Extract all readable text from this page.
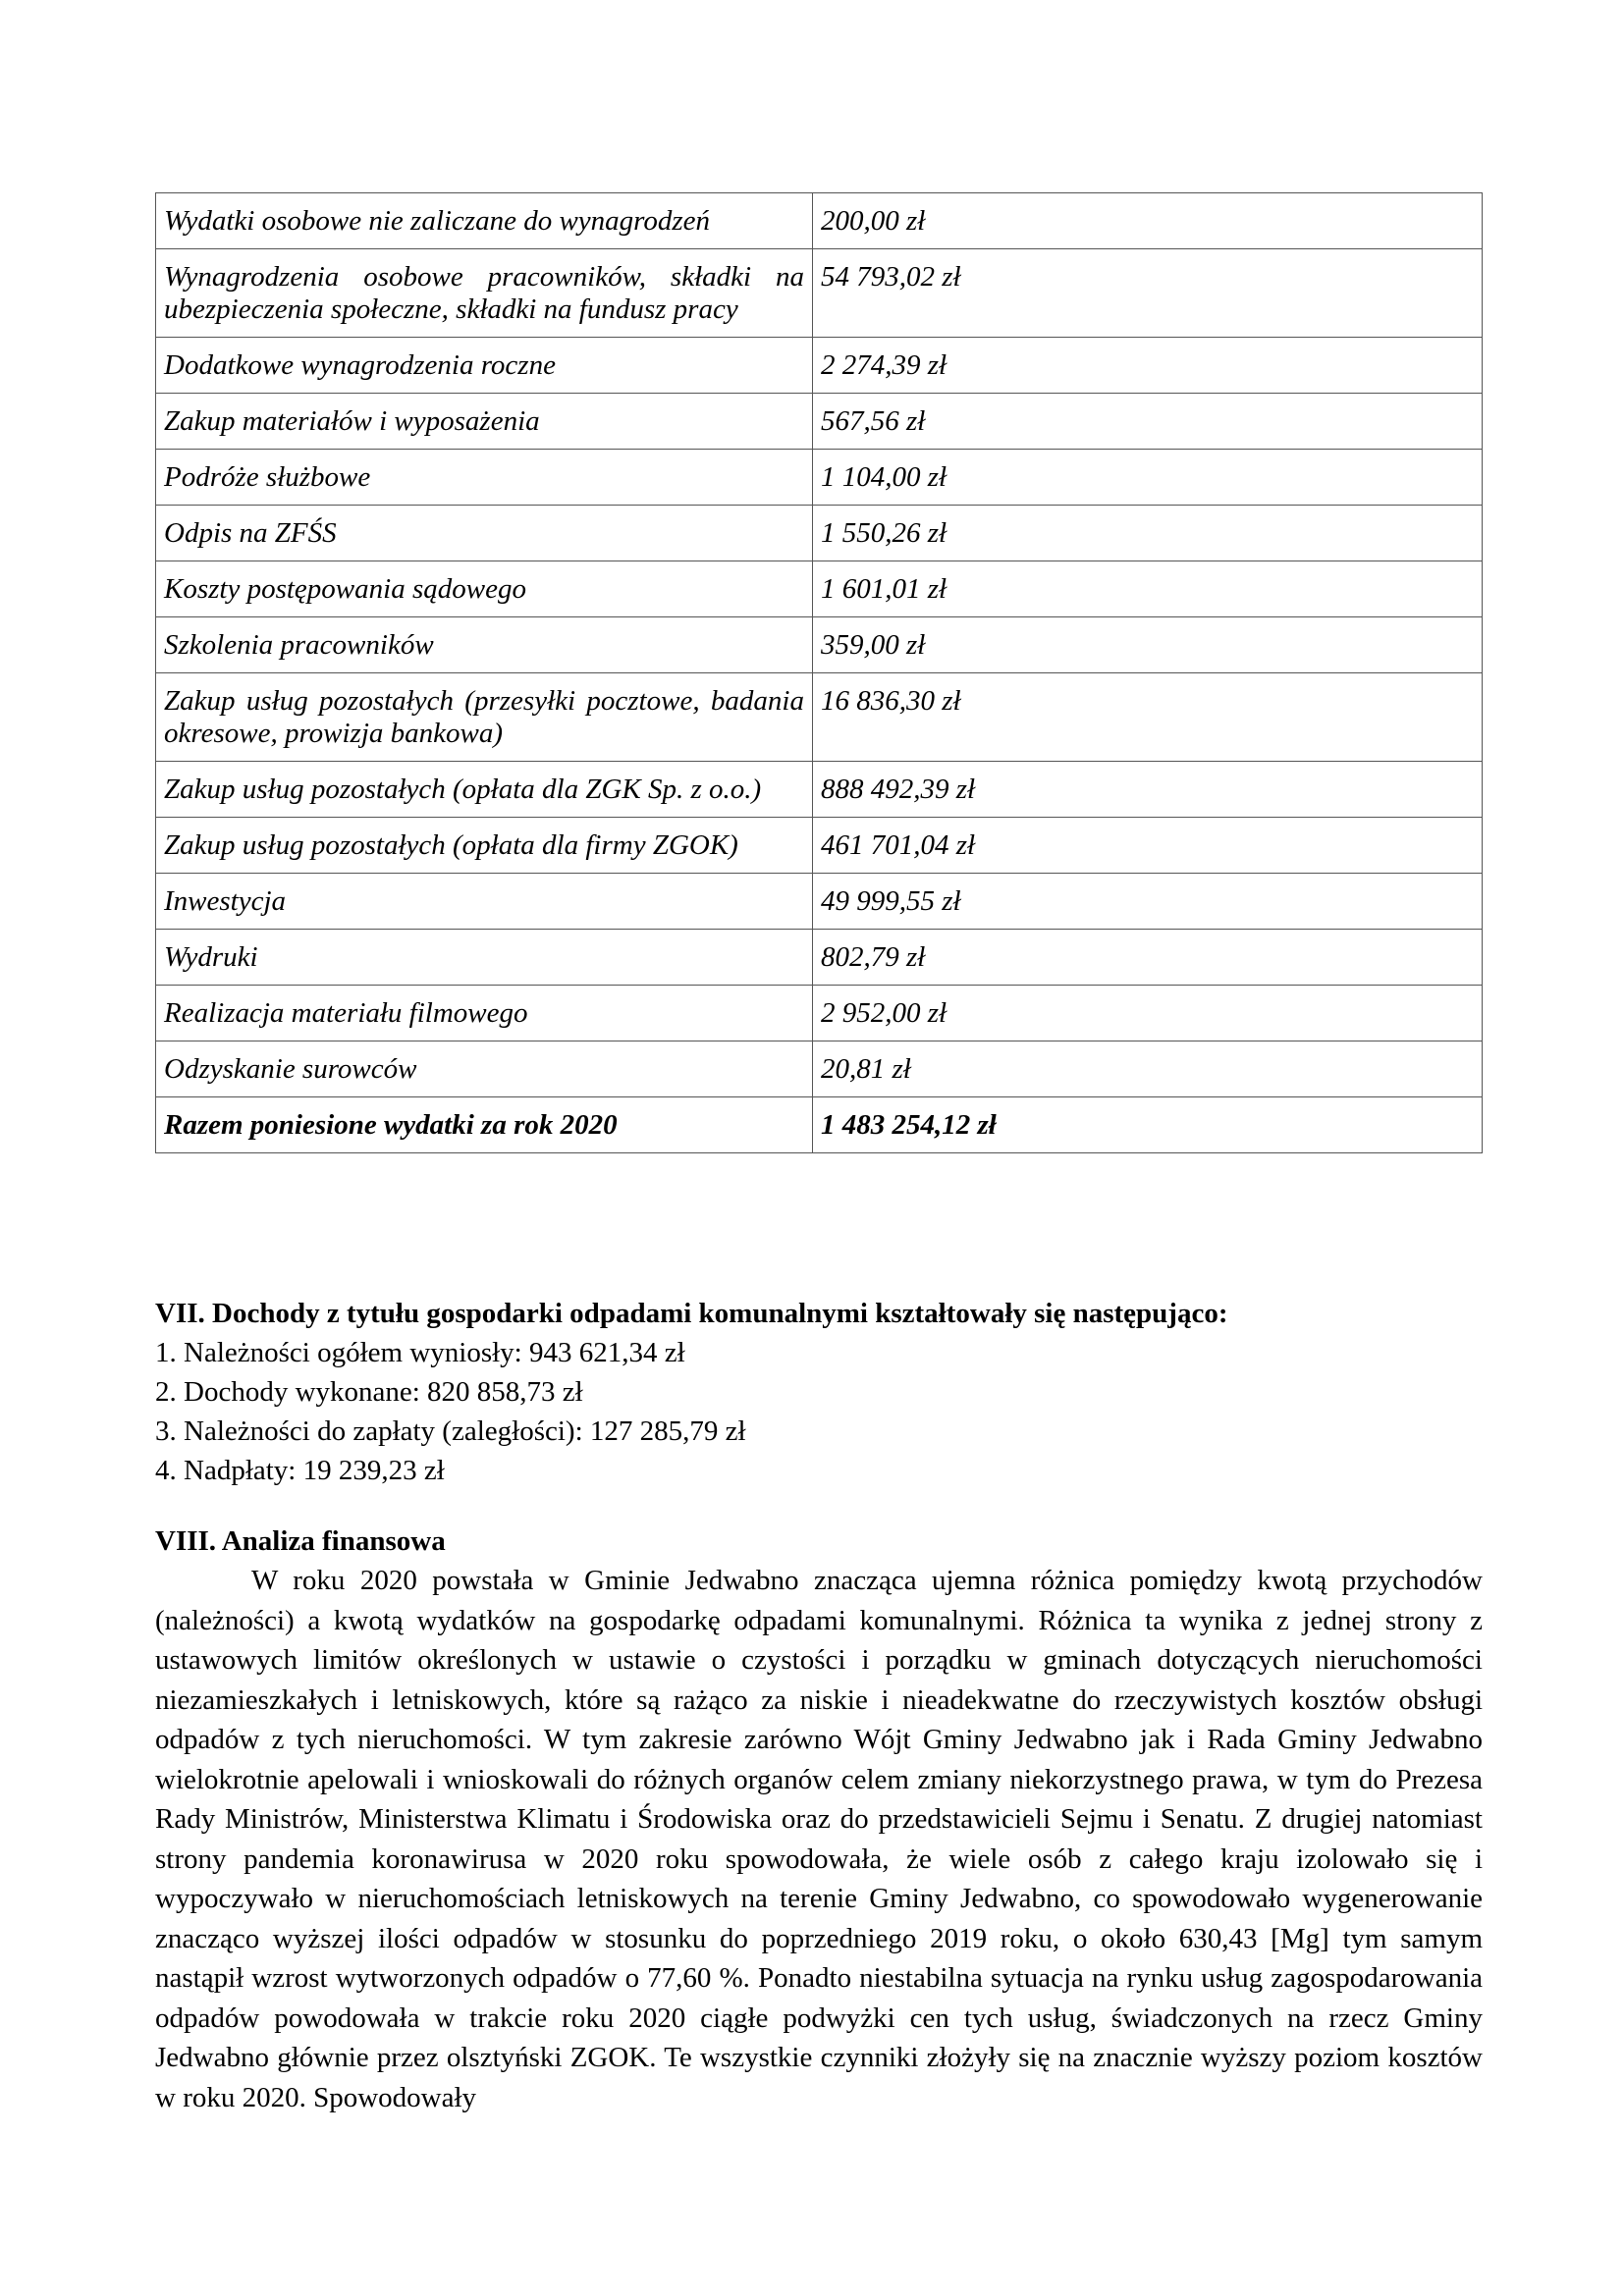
Wydatki osobowe nie zaliczane do wynagrodzeń	200,00 zł
Wynagrodzenia osobowe pracowników, składki na ubezpieczenia społeczne, składki na fundusz pracy	54 793,02 zł
Dodatkowe wynagrodzenia roczne	2 274,39 zł
Zakup materiałów i wyposażenia	567,56 zł
Podróże służbowe	1 104,00 zł
Odpis na ZFŚS	1 550,26 zł
Koszty postępowania sądowego	1 601,01 zł
Szkolenia pracowników	359,00 zł
Zakup usług pozostałych (przesyłki pocztowe, badania okresowe, prowizja bankowa)	16 836,30 zł
Zakup usług pozostałych (opłata dla ZGK Sp. z o.o.)	888 492,39 zł
Zakup usług pozostałych (opłata dla firmy ZGOK)	461 701,04 zł
Inwestycja	49 999,55 zł
Wydruki	802,79 zł
Realizacja materiału filmowego	2 952,00 zł
Odzyskanie surowców	20,81 zł
Razem poniesione wydatki za rok 2020	1 483 254,12 zł
VII. Dochody z tytułu gospodarki odpadami komunalnymi kształtowały się następująco:

1. Należności ogółem wyniosły: 943 621,34 zł

2. Dochody wykonane: 820 858,73 zł

3. Należności do zapłaty (zaległości): 127 285,79 zł

4. Nadpłaty: 19 239,23 zł

VIII. Analiza finansowa

W roku 2020 powstała w Gminie Jedwabno znacząca ujemna różnica pomiędzy kwotą przychodów (należności) a kwotą wydatków na gospodarkę odpadami komunalnymi. Różnica ta wynika z jednej strony z ustawowych limitów określonych w ustawie o czystości i porządku w gminach dotyczących nieruchomości niezamieszkałych i letniskowych, które są rażąco za niskie i nieadekwatne do rzeczywistych kosztów obsługi odpadów z tych nieruchomości. W tym zakresie zarówno Wójt Gminy Jedwabno jak i Rada Gminy Jedwabno wielokrotnie apelowali i wnioskowali do różnych organów celem zmiany niekorzystnego prawa, w tym do Prezesa Rady Ministrów, Ministerstwa Klimatu i Środowiska oraz do przedstawicieli Sejmu i Senatu. Z drugiej natomiast strony pandemia koronawirusa w 2020 roku spowodowała, że wiele osób z całego kraju izolowało się i wypoczywało w nieruchomościach letniskowych na terenie Gminy Jedwabno, co spowodowało wygenerowanie znacząco wyższej ilości odpadów w stosunku do poprzedniego 2019 roku, o około 630,43 [Mg] tym samym nastąpił wzrost wytworzonych odpadów o 77,60 %. Ponadto niestabilna sytuacja na rynku usług zagospodarowania odpadów powodowała w trakcie roku 2020 ciągłe podwyżki cen tych usług, świadczonych na rzecz Gminy Jedwabno głównie przez olsztyński ZGOK. Te wszystkie czynniki złożyły się na znacznie wyższy poziom kosztów w roku 2020. Spowodowały
